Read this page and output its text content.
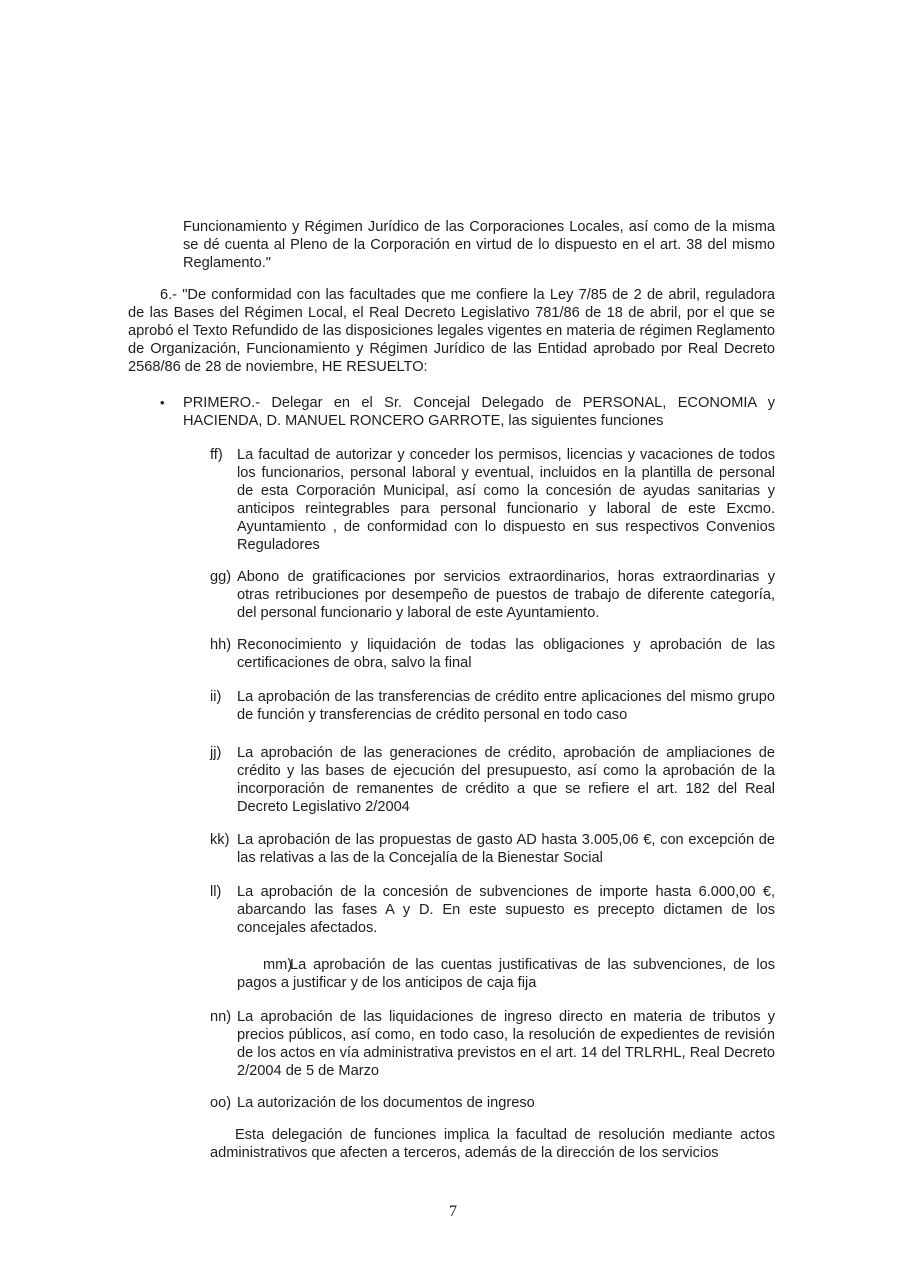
Funcionamiento y Régimen Jurídico de las Corporaciones Locales, así como de la misma se dé cuenta al Pleno de la Corporación en virtud de lo dispuesto en el art. 38 del mismo Reglamento."
6.- "De conformidad con las facultades que me confiere la Ley 7/85 de 2 de abril, reguladora de las Bases del Régimen Local, el Real Decreto Legislativo 781/86 de 18 de abril, por el que se aprobó el Texto Refundido de las disposiciones legales vigentes en materia de régimen Reglamento de Organización, Funcionamiento y Régimen Jurídico de las Entidad aprobado por Real Decreto 2568/86 de 28 de noviembre, HE RESUELTO:
• PRIMERO.- Delegar en el Sr. Concejal Delegado de PERSONAL, ECONOMIA y HACIENDA, D. MANUEL RONCERO GARROTE, las siguientes funciones
ff) La facultad de autorizar y conceder los permisos, licencias y vacaciones de todos los funcionarios, personal laboral y eventual, incluidos en la plantilla de personal de esta Corporación Municipal, así como la concesión de ayudas sanitarias y anticipos reintegrables para personal funcionario y laboral de este Excmo. Ayuntamiento , de conformidad con lo dispuesto en sus respectivos Convenios Reguladores
gg) Abono de gratificaciones por servicios extraordinarios, horas extraordinarias y otras retribuciones por desempeño de puestos de trabajo de diferente categoría, del personal funcionario y laboral de este Ayuntamiento.
hh) Reconocimiento y liquidación de todas las obligaciones y aprobación de las certificaciones de obra, salvo la final
ii) La aprobación de las transferencias de crédito entre aplicaciones del mismo grupo de función y transferencias de crédito personal en todo caso
jj) La aprobación de las generaciones de crédito, aprobación de ampliaciones de crédito y las bases de ejecución del presupuesto, así como la aprobación de la incorporación de remanentes de crédito a que se refiere el art. 182 del Real Decreto Legislativo 2/2004
kk) La aprobación de las propuestas de gasto AD hasta 3.005,06 €, con excepción de las relativas a las de la Concejalía de la Bienestar Social
ll) La aprobación de la concesión de subvenciones de importe hasta 6.000,00 €, abarcando las fases A y D. En este supuesto es precepto dictamen de los concejales afectados.
mm)
La aprobación de las cuentas justificativas de las subvenciones, de los pagos a justificar y de los anticipos de caja fija
nn) La aprobación de las liquidaciones de ingreso directo en materia de tributos y precios públicos, así como, en todo caso, la resolución de expedientes de revisión de los actos en vía administrativa previstos en el art. 14 del TRLRHL, Real Decreto 2/2004 de 5 de Marzo
oo) La autorización de los documentos de ingreso
Esta delegación de funciones implica la facultad de resolución mediante actos administrativos que afecten a terceros, además de la dirección de los servicios
7
